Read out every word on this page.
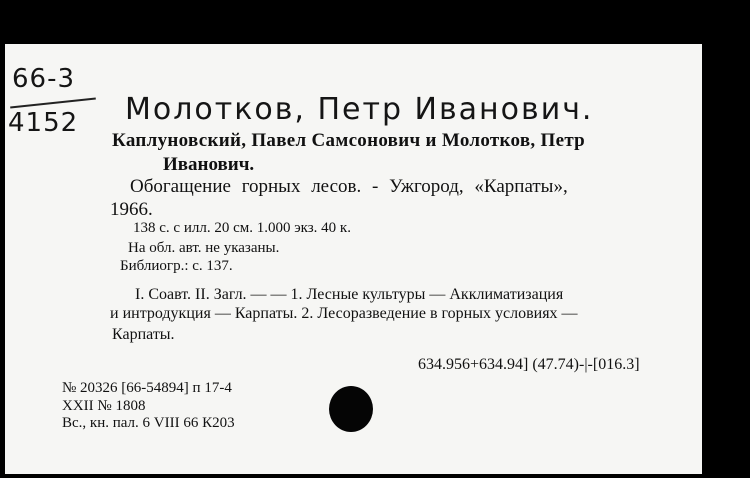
66-3
4152 Молотков, Петр Иванович.
Каплуновский, Павел Самсонович и Молотков, Петр
Иванович.
Обогащение горных лесов. - Ужгород, «Карпаты»,
1966.
138 с. с илл. 20 см. 1.000 экз. 40 к.
На обл. авт. не указаны.
Библиогр.: с. 137.
I. Соавт. II. Загл. — — 1. Лесные культуры — Акклиматизация
и интродукция — Карпаты. 2. Лесоразведение в горных условиях —
Карпаты.
634.956+634.94] (47.74)-|-[016.3]
№ 20326 [66-54894] п 17-4
XXII № 1808
Вс., кн. пал. 6 VIII 66 К203
